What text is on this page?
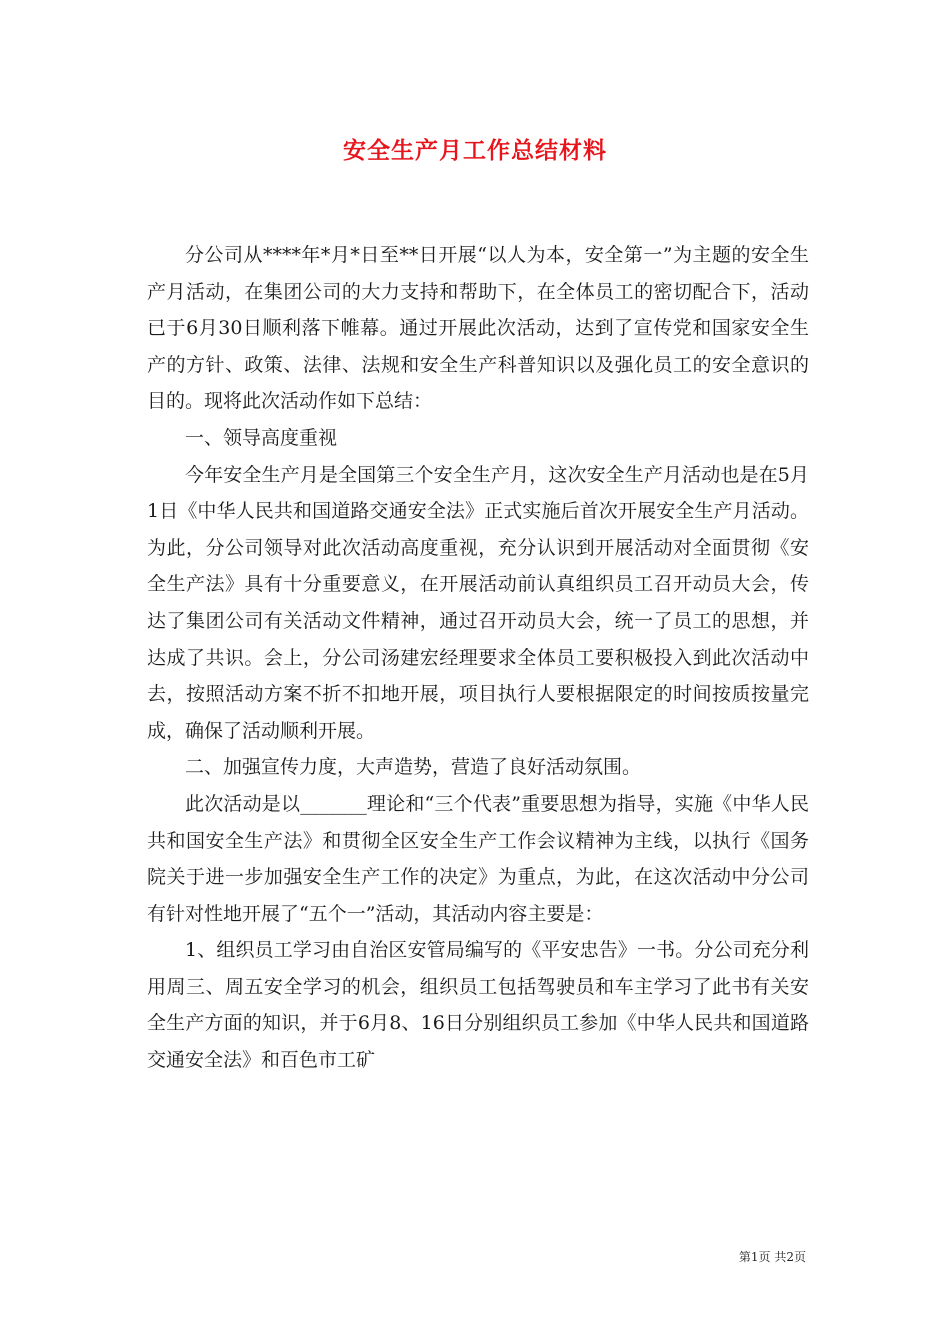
安全生产月工作总结材料

分公司从****年*月*日至**日开展“以人为本，安全第一”为主题的安全生产月活动，在集团公司的大力支持和帮助下，在全体员工的密切配合下，活动已于6月30日顺利落下帷幕。通过开展此次活动，达到了宣传党和国家安全生产的方针、政策、法律、法规和安全生产科普知识以及强化员工的安全意识的目的。现将此次活动作如下总结：

一、领导高度重视

今年安全生产月是全国第三个安全生产月，这次安全生产月活动也是在5月1日《中华人民共和国道路交通安全法》正式实施后首次开展安全生产月活动。为此，分公司领导对此次活动高度重视，充分认识到开展活动对全面贯彻《安全生产法》具有十分重要意义，在开展活动前认真组织员工召开动员大会，传达了集团公司有关活动文件精神，通过召开动员大会，统一了员工的思想，并达成了共识。会上，分公司汤建宏经理要求全体员工要积极投入到此次活动中去，按照活动方案不折不扣地开展，项目执行人要根据限定的时间按质按量完成，确保了活动顺利开展。

二、加强宣传力度，大声造势，营造了良好活动氛围。

此次活动是以_______理论和“三个代表”重要思想为指导，实施《中华人民共和国安全生产法》和贯彻全区安全生产工作会议精神为主线，以执行《国务院关于进一步加强安全生产工作的决定》为重点，为此，在这次活动中分公司有针对性地开展了“五个一”活动，其活动内容主要是：

1、组织员工学习由自治区安管局编写的《平安忠告》一书。分公司充分利用周三、周五安全学习的机会，组织员工包括驾驶员和车主学习了此书有关安全生产方面的知识，并于6月8、16日分别组织员工参加《中华人民共和国道路交通安全法》和百色市工矿

第1页 共2页
